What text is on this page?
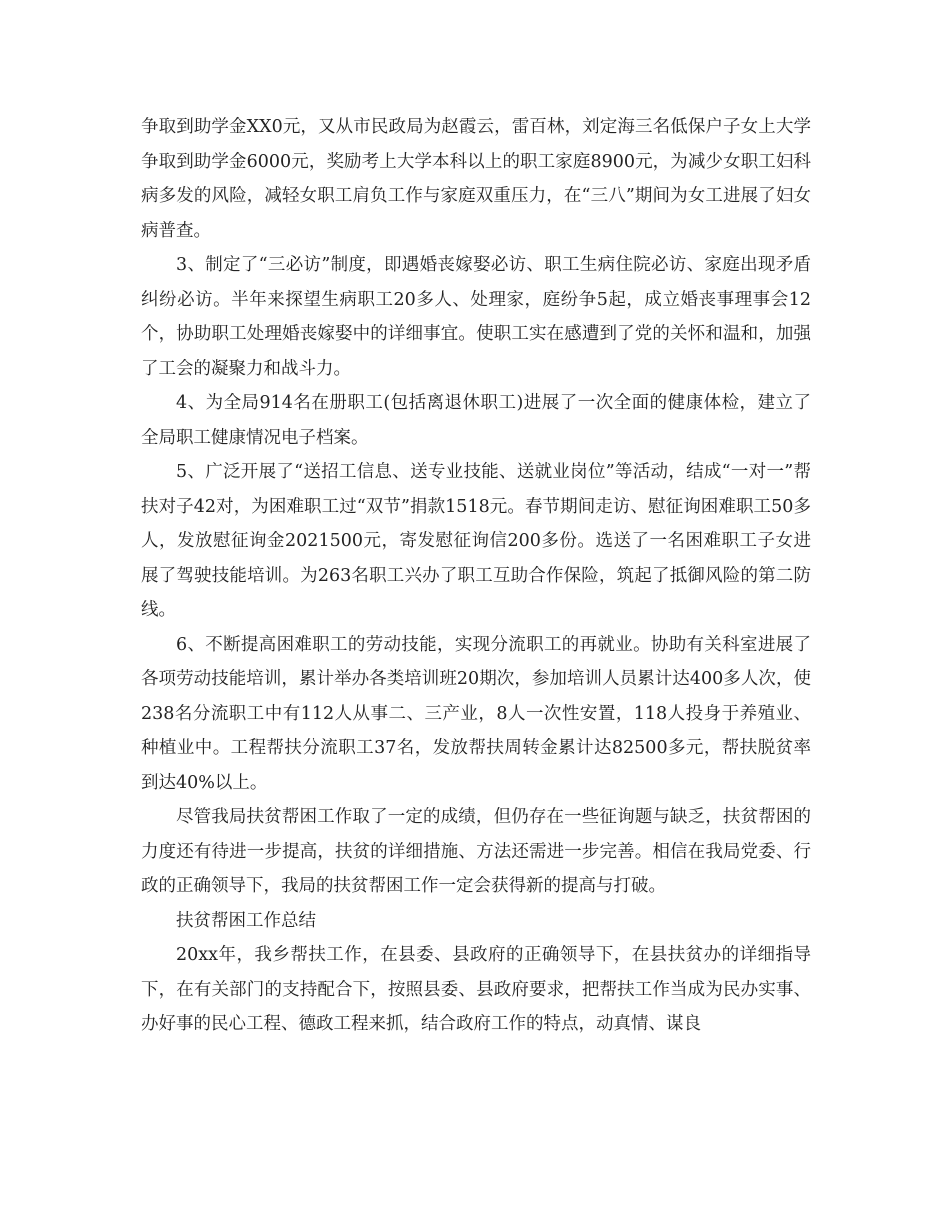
争取到助学金XX0元，又从市民政局为赵霞云，雷百林，刘定海三名低保户子女上大学争取到助学金6000元，奖励考上大学本科以上的职工家庭8900元，为减少女职工妇科病多发的风险，减轻女职工肩负工作与家庭双重压力，在“三八”期间为女工进展了妇女病普查。

3、制定了“三必访”制度，即遇婚丧嫁娶必访、职工生病住院必访、家庭出现矛盾纠纷必访。半年来探望生病职工20多人、处理家，庭纷争5起，成立婚丧事理事会12个，协助职工处理婚丧嫁娶中的详细事宜。使职工实在感遭到了党的关怀和温和，加强了工会的凝聚力和战斗力。

4、为全局914名在册职工(包括离退休职工)进展了一次全面的健康体检，建立了全局职工健康情况电子档案。

5、广泛开展了“送招工信息、送专业技能、送就业岗位”等活动，结成“一对一”帮扶对子42对，为困难职工过“双节”捐款1518元。春节期间走访、慰征询困难职工50多人，发放慰征询金2021500元，寄发慰征询信200多份。选送了一名困难职工子女进展了驾驶技能培训。为263名职工兴办了职工互助合作保险，筑起了抵御风险的第二防线。

6、不断提高困难职工的劳动技能，实现分流职工的再就业。协助有关科室进展了各项劳动技能培训，累计举办各类培训班20期次，参加培训人员累计达400多人次，使238名分流职工中有112人从事二、三产业，8人一次性安置，118人投身于养殖业、种植业中。工程帮扶分流职工37名，发放帮扶周转金累计达82500多元，帮扶脱贫率到达40%以上。

尽管我局扶贫帮困工作取了一定的成绩，但仍存在一些征询题与缺乏，扶贫帮困的力度还有待进一步提高，扶贫的详细措施、方法还需进一步完善。相信在我局党委、行政的正确领导下，我局的扶贫帮困工作一定会获得新的提高与打破。

扶贫帮困工作总结

20xx年，我乡帮扶工作，在县委、县政府的正确领导下，在县扶贫办的详细指导下，在有关部门的支持配合下，按照县委、县政府要求，把帮扶工作当成为民办实事、办好事的民心工程、德政工程来抓，结合政府工作的特点，动真情、谋良
